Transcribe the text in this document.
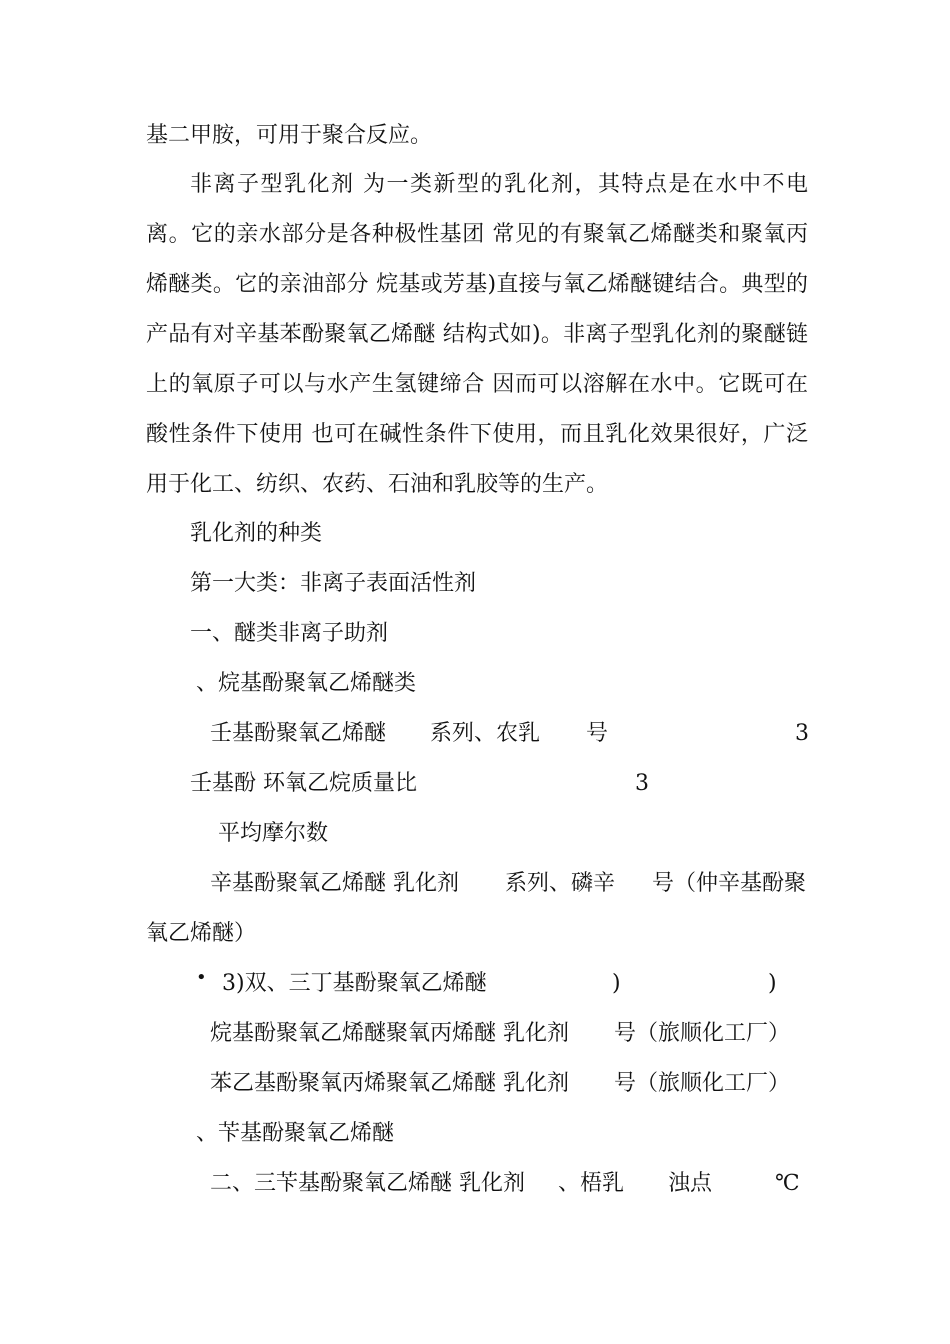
基二甲胺，可用于聚合反应。

非离子型乳化剂 为一类新型的乳化剂，其特点是在水中不电离。它的亲水部分是各种极性基团 常见的有聚氧乙烯醚类和聚氧丙烯醚类。它的亲油部分 烷基或芳基)直接与氧乙烯醚键结合。典型的产品有对辛基苯酚聚氧乙烯醚 结构式如)。非离子型乳化剂的聚醚链上的氧原子可以与水产生氢键缔合 因而可以溶解在水中。它既可在酸性条件下使用 也可在碱性条件下使用，而且乳化效果很好，广泛用于化工、纺织、农药、石油和乳胶等的生产。

乳化剂的种类
第一大类：非离子表面活性剂
一、醚类非离子助剂
、烷基酚聚氧乙烯醚类
壬基酚聚氧乙烯醚 系列、农乳 号	3
壬基酚 环氧乙烷质量比	3
平均摩尔数
辛基酚聚氧乙烯醚 乳化剂 系列、磷辛 号（仲辛基酚聚
氧乙烯醚）
• 3)双、三丁基酚聚氧乙烯醚	)	)
烷基酚聚氧乙烯醚聚氧丙烯醚 乳化剂 号（旅顺化工厂）
苯乙基酚聚氧丙烯聚氧乙烯醚 乳化剂 号（旅顺化工厂）
、苄基酚聚氧乙烯醚
二、三苄基酚聚氧乙烯醚 乳化剂 、梧乳 浊点	℃
